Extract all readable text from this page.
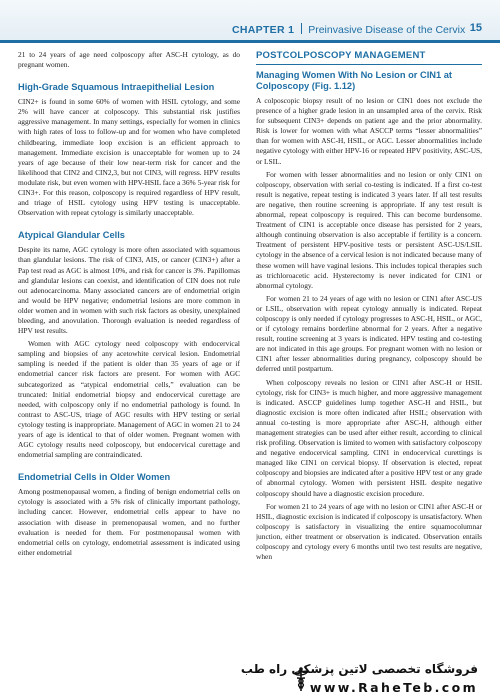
CHAPTER 1 Preinvasive Disease of the Cervix 15

21 to 24 years of age need colposcopy after ASC-H cytology, as do pregnant women.

High-Grade Squamous Intraepithelial Lesion

CIN2+ is found in some 60% of women with HSIL cytology, and some 2% will have cancer at colposcopy. This substantial risk justifies aggressive management. In many settings, especially for women in clinics with high rates of loss to follow-up and for women who have completed childbearing, immediate loop excision is an efficient approach to management. Immediate excision is unacceptable for women up to 24 years of age because of their low near-term risk for cancer and the likelihood that CIN2 and CIN2,3, but not CIN3, will regress. HPV results modulate risk, but even women with HPV-HSIL face a 36% 5-year risk for CIN3+. For this reason, colposcopy is required regardless of HPV result, and triage of HSIL cytology using HPV testing is unacceptable. Observation with repeat cytology is similarly unacceptable.

Atypical Glandular Cells

Despite its name, AGC cytology is more often associated with squamous than glandular lesions. The risk of CIN3, AIS, or cancer (CIN3+) after a Pap test read as AGC is almost 10%, and risk for cancer is 3%. Papillomas and glandular lesions can coexist, and identification of CIN does not rule out adenocarcinoma. Many associated cancers are of endometrial origin and would be HPV negative; endometrial lesions are more common in older women and in women with such risk factors as obesity, unexplained bleeding, and anovulation. Thorough evaluation is needed regardless of HPV test results.

Women with AGC cytology need colposcopy with endocervical sampling and biopsies of any acetowhite cervical lesion. Endometrial sampling is needed if the patient is older than 35 years of age or if endometrial cancer risk factors are present. For women with AGC subcategorized as “atypical endometrial cells,” evaluation can be truncated: Initial endometrial biopsy and endocervical curettage are needed, with colposcopy only if no endometrial pathology is found. In contrast to ASC-US, triage of AGC results with HPV testing or serial cytology testing is inappropriate. Management of AGC in women 21 to 24 years of age is identical to that of older women. Pregnant women with AGC cytology results need colposcopy, but endocervical curettage and endometrial sampling are contraindicated.

Endometrial Cells in Older Women

Among postmenopausal women, a finding of benign endometrial cells on cytology is associated with a 5% risk of clinically important pathology, including cancer. However, endometrial cells appear to have no association with disease in premenopausal women, and no further evaluation is needed for them. For postmenopausal women with endometrial cells on cytology, endometrial assessment is indicated using either endometrial

POSTCOLPOSCOPY MANAGEMENT
Managing Women With No Lesion or CIN1 at Colposcopy (Fig. 1.12)

A colposcopic biopsy result of no lesion or CIN1 does not exclude the presence of a higher grade lesion in an unsampled area of the cervix. Risk for subsequent CIN3+ depends on patient age and the prior abnormality. Risk is lower for women with what ASCCP terms “lesser abnormalities” than for women with ASC-H, HSIL, or AGC. Lesser abnormalities include negative cytology with either HPV-16 or repeated HPV positivity, ASC-US, or LSIL.

For women with lesser abnormalities and no lesion or only CIN1 on colposcopy, observation with serial co-testing is indicated. If a first co-test result is negative, repeat testing is indicated 3 years later. If all test results are negative, then routine screening is appropriate. If any test result is abnormal, repeat colposcopy is required. This can become burdensome. Treatment of CIN1 is acceptable once disease has persisted for 2 years, although continuing observation is also acceptable if fertility is a concern. Treatment of persistent HPV-positive tests or persistent ASC-US/LSIL cytology in the absence of a cervical lesion is not indicated because many of these women will have vaginal lesions. This includes topical therapies such as trichloroacetic acid. Hysterectomy is never indicated for CIN1 or abnormal cytology.

For women 21 to 24 years of age with no lesion or CIN1 after ASC-US or LSIL, observation with repeat cytology annually is indicated. Repeat colposcopy is only needed if cytology progresses to ASC-H, HSIL, or AGC, or if cytology remains borderline abnormal for 2 years. After a negative result, routine screening at 3 years is indicated. HPV testing and co-testing are not indicated in this age groups. For pregnant women with no lesion or CIN1 after lesser abnormalities during pregnancy, colposcopy should be deferred until postpartum.

When colposcopy reveals no lesion or CIN1 after ASC-H or HSIL cytology, risk for CIN3+ is much higher, and more aggressive management is indicated. ASCCP guidelines lump together ASC-H and HSIL, but diagnostic excision is more often indicated after HSIL; observation with annual co-testing is more appropriate after ASC-H, although either management strategies can be used after either result, according to clinical risk profiling. Observation is limited to women with satisfactory colposcopy and negative endocervical sampling. CIN1 in endocervical curettings is managed like CIN1 on cervical biopsy. If observation is elected, repeat colposcopy and biopsies are indicated after a positive HPV test or any grade of abnormal cytology. Women with persistent HSIL despite negative colposcopy should have a diagnostic excision procedure.

For women 21 to 24 years of age with no lesion or CIN1 after ASC-H or HSIL, diagnostic excision is indicated if colposcopy is unsatisfactory. When colposcopy is satisfactory in visualizing the entire squamocolumnar junction, either treatment or observation is indicated. Observation entails colposcopy and cytology every 6 months until two test results are negative, when

فروشگاه تخصصی لاتین پزشکی راه طب
www.RaheTeb.com
